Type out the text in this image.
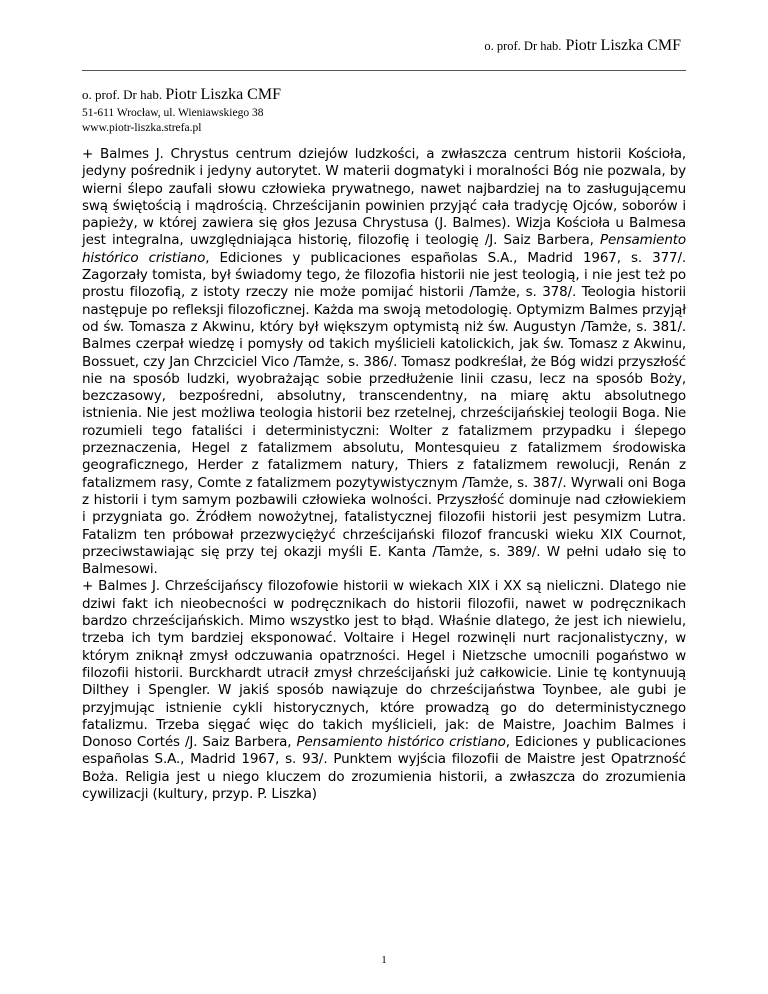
o. prof. Dr hab. Piotr Liszka CMF
o. prof. Dr hab. Piotr Liszka CMF
51-611 Wrocław, ul. Wieniawskiego 38
www.piotr-liszka.strefa.pl

+ Balmes J. Chrystus centrum dziejów ludzkości, a zwłaszcza centrum historii Kościoła, jedyny pośrednik i jedyny autorytet. W materii dogmatyki i moralności Bóg nie pozwala, by wierni ślepo zaufali słowu człowieka prywatnego, nawet najbardziej na to zasługującemu swą świętością i mądrością. Chrześcijanin powinien przyjąć cała tradycję Ojców, soborów i papieży, w której zawiera się głos Jezusa Chrystusa (J. Balmes). Wizja Kościoła u Balmesa jest integralna, uwzględniająca historię, filozofię i teologię /J. Saiz Barbera, Pensamiento histórico cristiano, Ediciones y publicaciones españolas S.A., Madrid 1967, s. 377/. Zagorzały tomista, był świadomy tego, że filozofia historii nie jest teologią, i nie jest też po prostu filozofią, z istoty rzeczy nie może pomijać historii /Tamże, s. 378/. Teologia historii następuje po refleksji filozoficznej. Każda ma swoją metodologię. Optymizm Balmes przyjął od św. Tomasza z Akwinu, który był większym optymistą niż św. Augustyn /Tamże, s. 381/. Balmes czerpał wiedzę i pomysły od takich myślicieli katolickich, jak św. Tomasz z Akwinu, Bossuet, czy Jan Chrzciciel Vico /Tamże, s. 386/. Tomasz podkreślał, że Bóg widzi przyszłość nie na sposób ludzki, wyobrażając sobie przedłużenie linii czasu, lecz na sposób Boży, bezczasowy, bezpośredni, absolutny, transcendentny, na miarę aktu absolutnego istnienia. Nie jest możliwa teologia historii bez rzetelnej, chrześcijańskiej teologii Boga. Nie rozumieli tego fataliści i deterministyczni: Wolter z fatalizmem przypadku i ślepego przeznaczenia, Hegel z fatalizmem absolutu, Montesquieu z fatalizmem środowiska geograficznego, Herder z fatalizmem natury, Thiers z fatalizmem rewolucji, Renán z fatalizmem rasy, Comte z fatalizmem pozytywistycznym /Tamże, s. 387/. Wyrwali oni Boga z historii i tym samym pozbawili człowieka wolności. Przyszłość dominuje nad człowiekiem i przygniata go. Źródłem nowożytnej, fatalistycznej filozofii historii jest pesymizm Lutra. Fatalizm ten próbował przezwyciężyć chrześcijański filozof francuski wieku XIX Cournot, przeciwstawiając się przy tej okazji myśli E. Kanta /Tamże, s. 389/. W pełni udało się to Balmesowi.

+ Balmes J. Chrześcijańscy filozofowie historii w wiekach XIX i XX są nieliczni. Dlatego nie dziwi fakt ich nieobecności w podręcznikach do historii filozofii, nawet w podręcznikach bardzo chrześcijańskich. Mimo wszystko jest to błąd. Właśnie dlatego, że jest ich niewielu, trzeba ich tym bardziej eksponować. Voltaire i Hegel rozwinęli nurt racjonalistyczny, w którym zniknął zmysł odczuwania opatrzności. Hegel i Nietzsche umocnili pogaństwo w filozofii historii. Burckhardt utracił zmysł chrześcijański już całkowicie. Linie tę kontynuują Dilthey i Spengler. W jakiś sposób nawiązuje do chrześcijaństwa Toynbee, ale gubi je przyjmując istnienie cykli historycznych, które prowadzą go do deterministycznego fatalizmu. Trzeba sięgać więc do takich myślicieli, jak: de Maistre, Joachim Balmes i Donoso Cortés /J. Saiz Barbera, Pensamiento histórico cristiano, Ediciones y publicaciones españolas S.A., Madrid 1967, s. 93/. Punktem wyjścia filozofii de Maistre jest Opatrzność Boża. Religia jest u niego kluczem do zrozumienia historii, a zwłaszcza do zrozumienia cywilizacji (kultury, przyp. P. Liszka)

1
